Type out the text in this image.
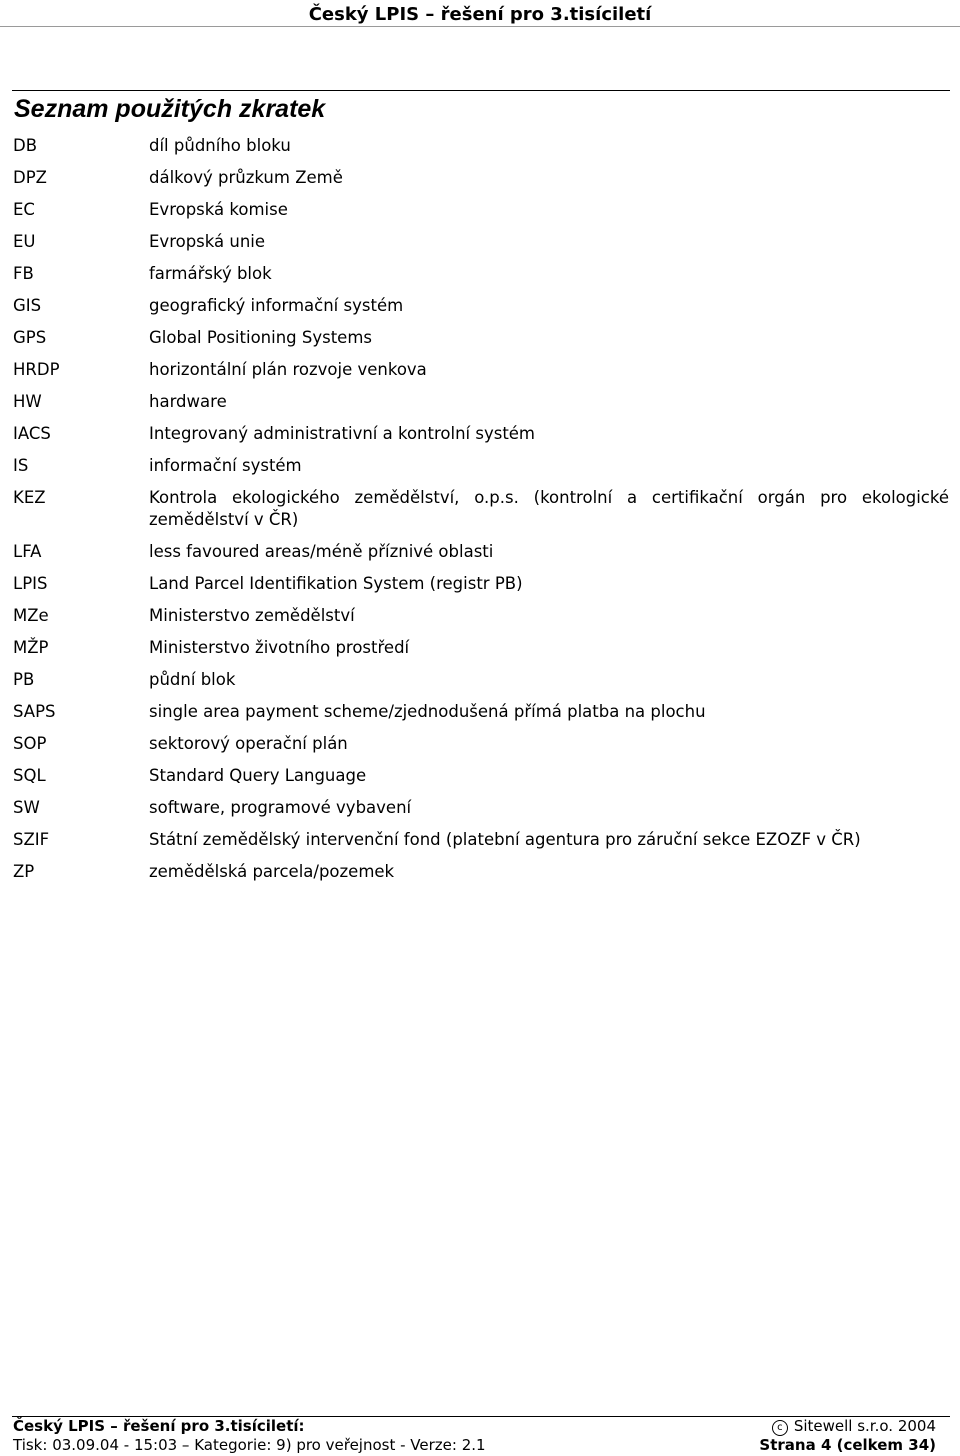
Český LPIS – řešení pro 3.tisíciletí
Seznam použitých zkratek
DB	díl půdního bloku
DPZ	dálkový průzkum Země
EC	Evropská komise
EU	Evropská unie
FB	farmářský blok
GIS	geografický informační systém
GPS	Global Positioning Systems
HRDP	horizontální plán rozvoje venkova
HW	hardware
IACS	Integrovaný administrativní a kontrolní systém
IS	informační systém
KEZ	Kontrola ekologického zemědělství, o.p.s. (kontrolní a certifikační orgán pro ekologické zemědělství v ČR)
LFA	less favoured areas/méně příznivé oblasti
LPIS	Land Parcel Identifikation System (registr PB)
MZe	Ministerstvo zemědělství
MŽP	Ministerstvo životního prostředí
PB	půdní blok
SAPS	single area payment scheme/zjednodušená přímá platba na plochu
SOP	sektorový operační plán
SQL	Standard Query Language
SW	software, programové vybavení
SZIF	Státní zemědělský intervenční fond (platební agentura pro záruční sekce EZOZF v ČR)
ZP	zemědělská parcela/pozemek
Český LPIS – řešení pro 3.tisíciletí:	c Sitewell s.r.o. 2004
Tisk: 03.09.04 - 15:03 – Kategorie: 9) pro veřejnost - Verze: 2.1	Strana 4 (celkem 34)
